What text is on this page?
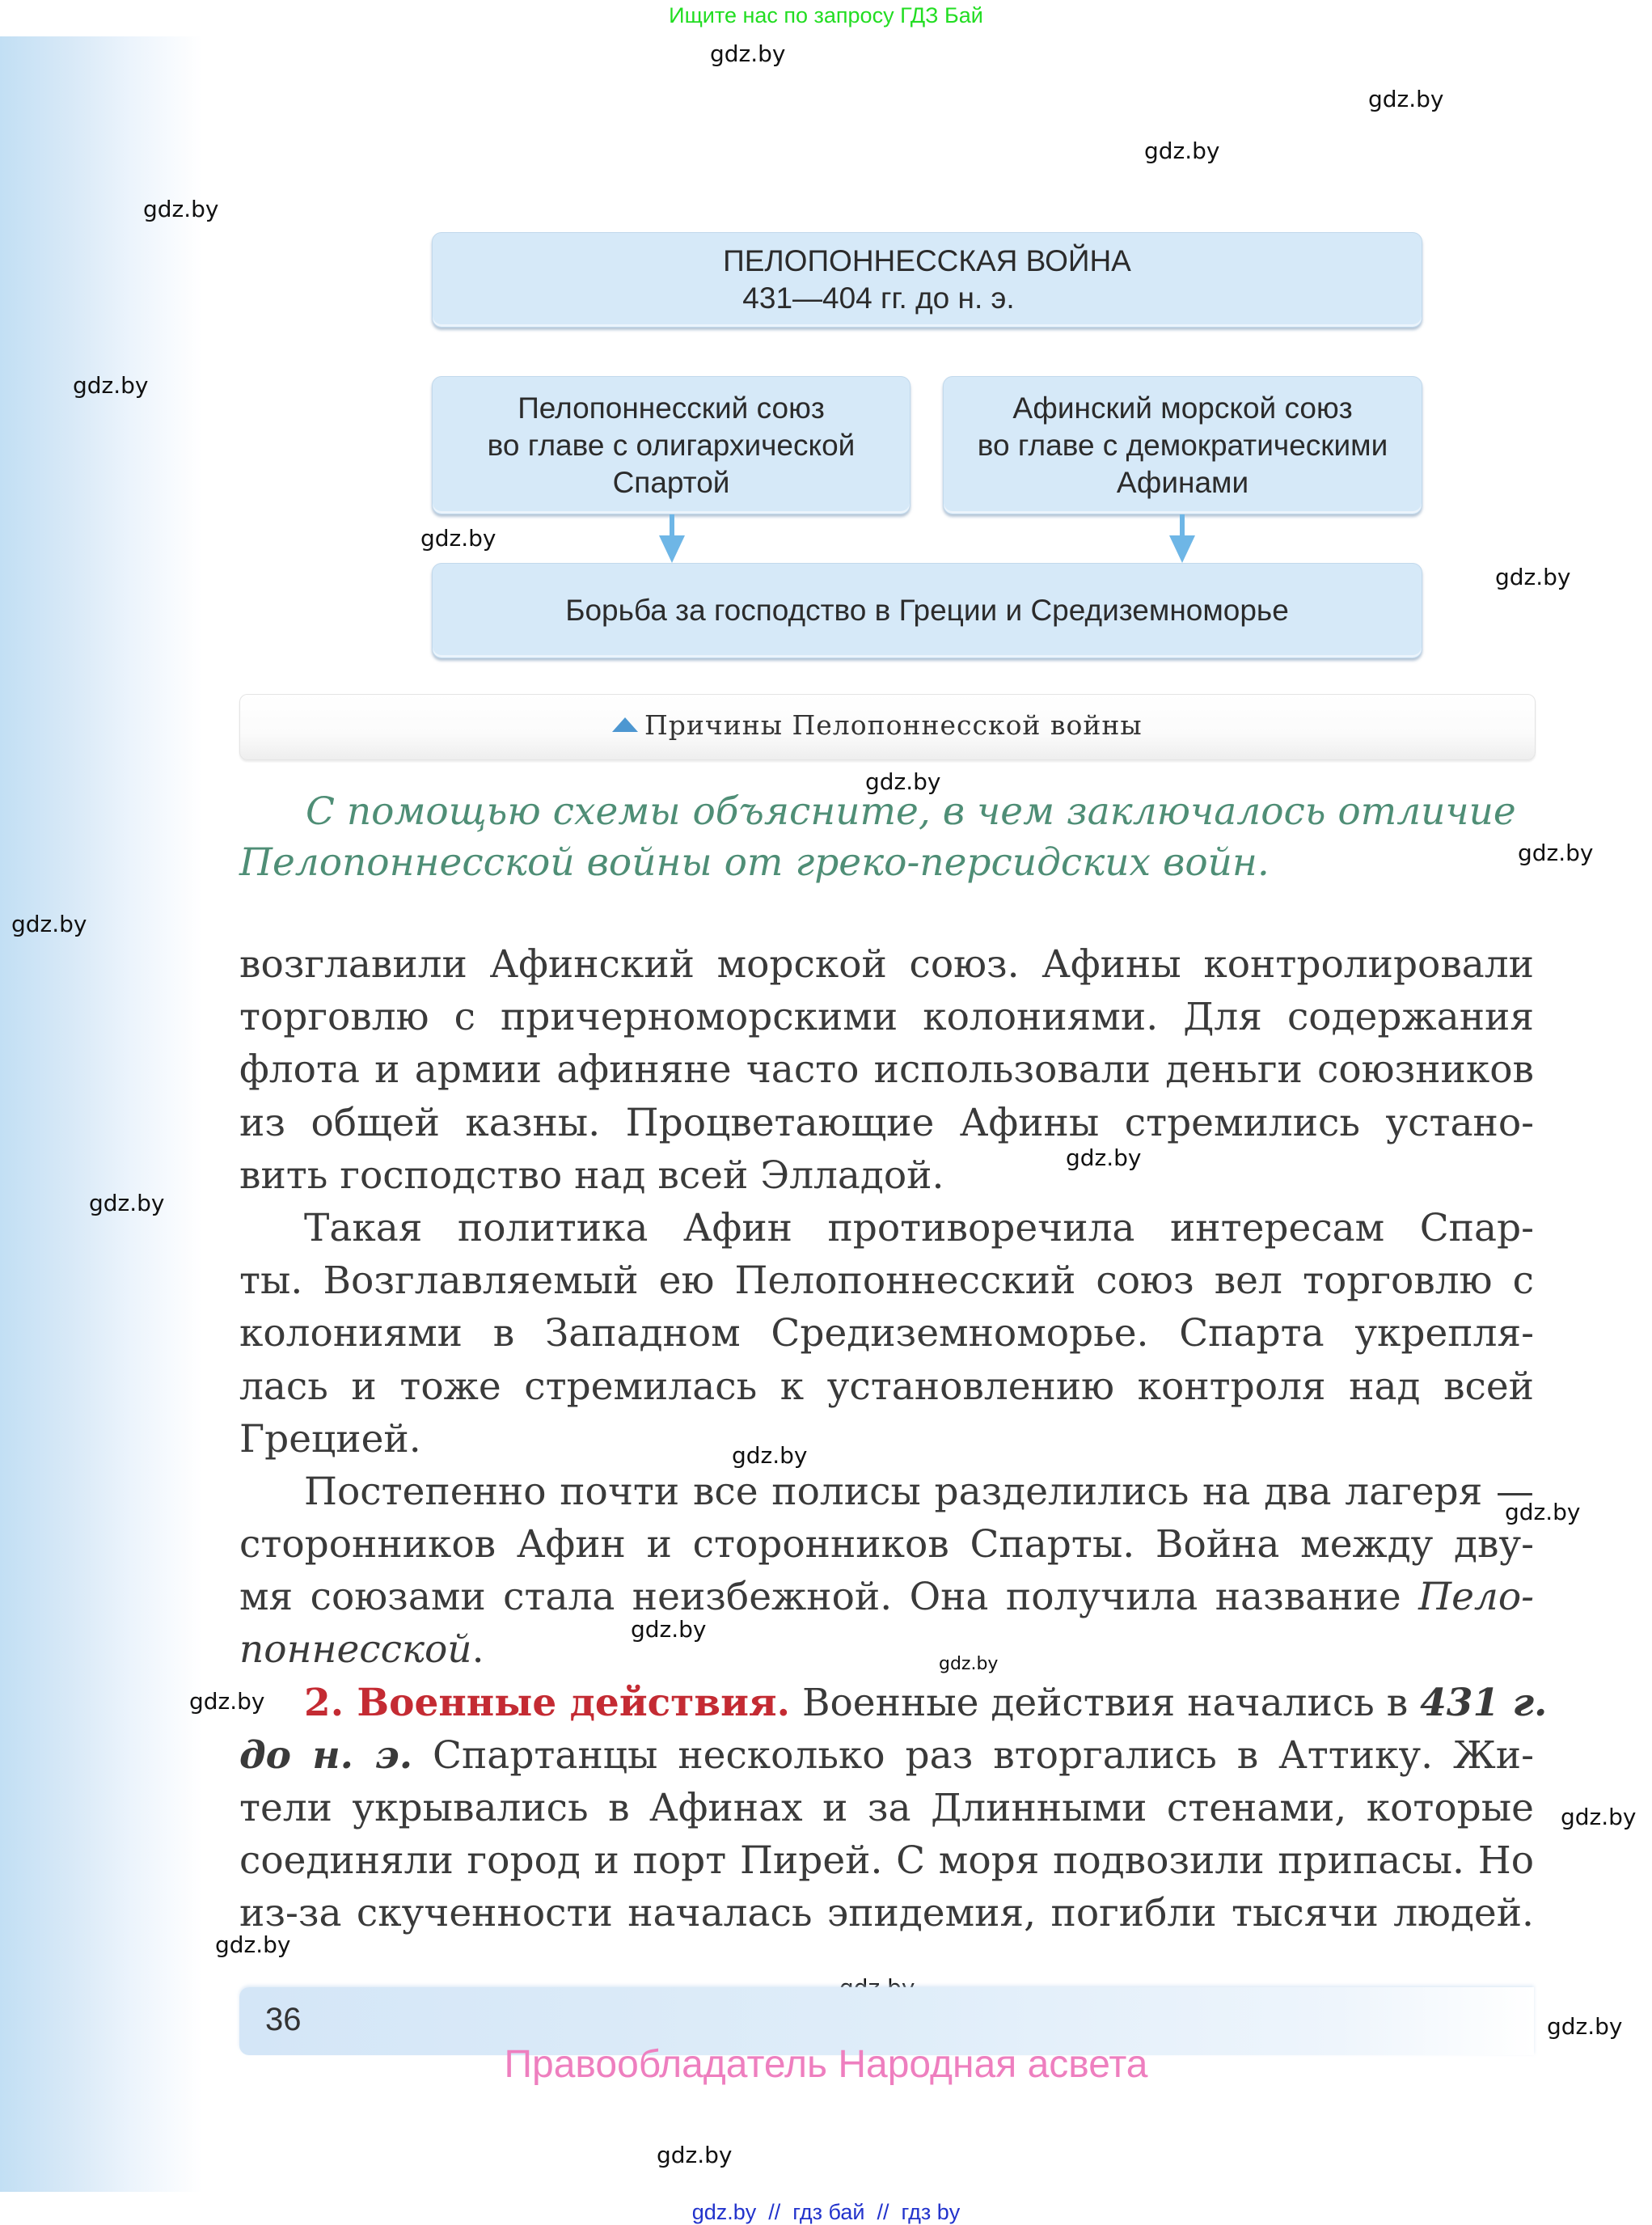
Ищите нас по запросу ГДЗ Бай
gdz.by
gdz.by
gdz.by
gdz.by
gdz.by
gdz.by
gdz.by
gdz.by
gdz.by
gdz.by
gdz.by
gdz.by
gdz.by
gdz.by
gdz.by
gdz.by
gdz.by
gdz.by
gdz.by
gdz.by
gdz.by
ПЕЛОПОННЕССКАЯ ВОЙНА
431—404 гг. до н. э.
Пелопоннесский союз
во главе с олигархической
Спартой
Афинский морской союз
во главе с демократическими
Афинами
Борьба за господство в Греции и Средиземноморье
Причины Пелопоннесской войны
С помощью схемы объясните, в чем заключалось отличие
Пелопоннесской войны от греко-персидских войн.
возглавили Афинский морской союз. Афины контролировали
торговлю с причерноморскими колониями. Для содержания
флота и армии афиняне часто использовали деньги союзников
из общей казны. Процветающие Афины стремились устано-
вить господство над всей Элладой.
Такая политика Афин противоречила интересам Спар-
ты. Возглавляемый ею Пелопоннесский союз вел торговлю с
колониями в Западном Средиземноморье. Спарта укрепля-
лась и тоже стремилась к установлению контроля над всей
Грецией.
Постепенно почти все полисы разделились на два лагеря —
сторонников Афин и сторонников Спарты. Война между дву-
мя союзами стала неизбежной. Она получила название Пело-
поннесской.
2. Военные действия. Военные действия начались в 431 г.
до н. э. Спартанцы несколько раз вторгались в Аттику. Жи-
тели укрывались в Афинах и за Длинными стенами, которые
соединяли город и порт Пирей. С моря подвозили припасы. Но
из-за скученности началась эпидемия, погибли тысячи людей.
36
Правообладатель Народная асвета
gdz.by  //  гдз бай  //  гдз by
